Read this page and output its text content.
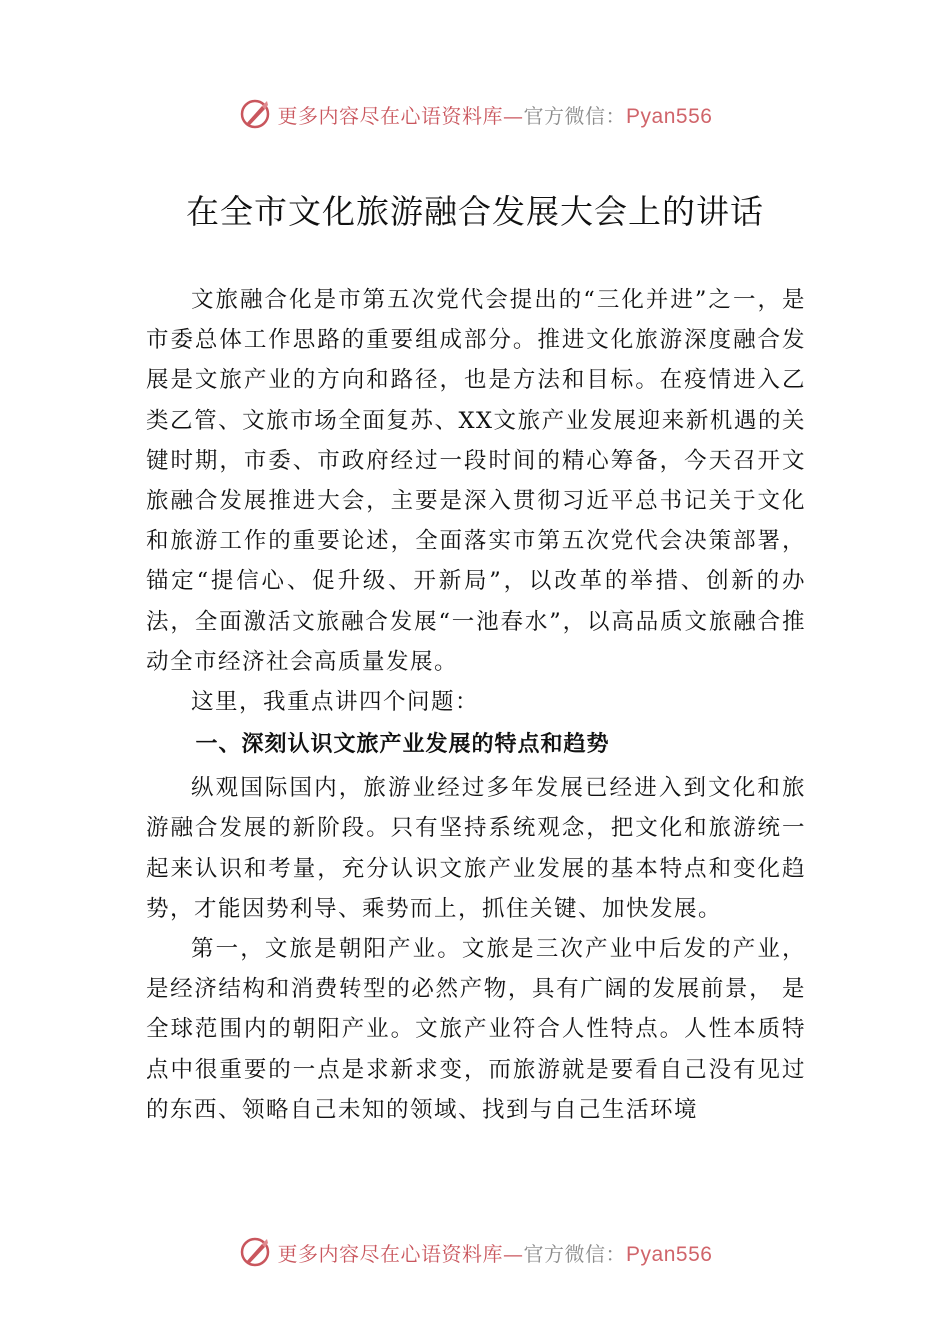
更多内容尽在心语资料库—官方微信：Pyan556
在全市文化旅游融合发展大会上的讲话

文旅融合化是市第五次党代会提出的“三化并进”之一，是市委总体工作思路的重要组成部分。推进文化旅游深度融合发展是文旅产业的方向和路径，也是方法和目标。在疫情进入乙类乙管、文旅市场全面复苏、XX文旅产业发展迎来新机遇的关键时期，市委、市政府经过一段时间的精心筹备，今天召开文旅融合发展推进大会，主要是深入贯彻习近平总书记关于文化和旅游工作的重要论述，全面落实市第五次党代会决策部署，锚定“提信心、促升级、开新局”，以改革的举措、创新的办法，全面激活文旅融合发展“一池春水”，以高品质文旅融合推动全市经济社会高质量发展。

这里，我重点讲四个问题：

一、深刻认识文旅产业发展的特点和趋势

纵观国际国内，旅游业经过多年发展已经进入到文化和旅游融合发展的新阶段。只有坚持系统观念，把文化和旅游统一起来认识和考量，充分认识文旅产业发展的基本特点和变化趋势，才能因势利导、乘势而上，抓住关键、加快发展。

第一，文旅是朝阳产业。文旅是三次产业中后发的产业，是经济结构和消费转型的必然产物，具有广阔的发展前景， 是全球范围内的朝阳产业。文旅产业符合人性特点。人性本质特点中很重要的一点是求新求变，而旅游就是要看自己没有见过的东西、领略自己未知的领域、找到与自己生活环境

更多内容尽在心语资料库—官方微信：Pyan556
